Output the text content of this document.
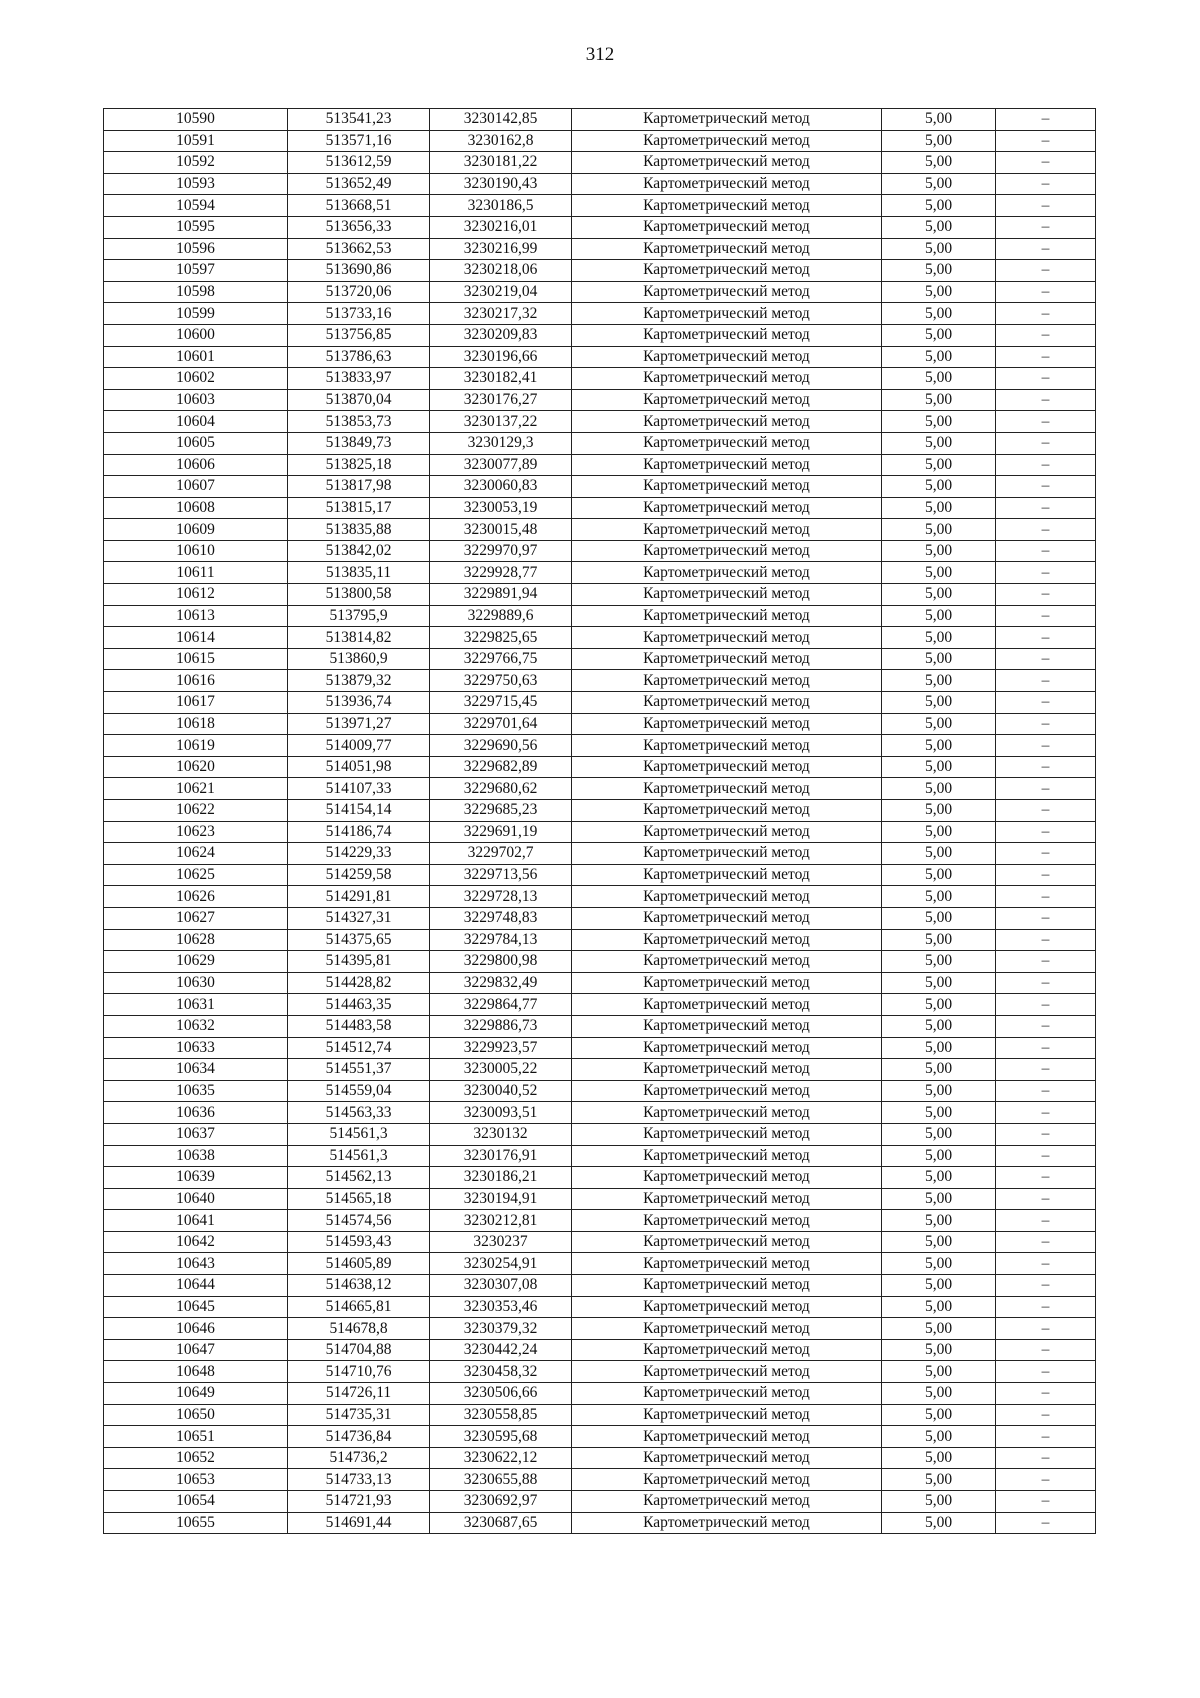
312
10590	513541,23	3230142,85	Картометрический метод	5,00	–
10591	513571,16	3230162,8	Картометрический метод	5,00	–
10592	513612,59	3230181,22	Картометрический метод	5,00	–
10593	513652,49	3230190,43	Картометрический метод	5,00	–
10594	513668,51	3230186,5	Картометрический метод	5,00	–
10595	513656,33	3230216,01	Картометрический метод	5,00	–
10596	513662,53	3230216,99	Картометрический метод	5,00	–
10597	513690,86	3230218,06	Картометрический метод	5,00	–
10598	513720,06	3230219,04	Картометрический метод	5,00	–
10599	513733,16	3230217,32	Картометрический метод	5,00	–
10600	513756,85	3230209,83	Картометрический метод	5,00	–
10601	513786,63	3230196,66	Картометрический метод	5,00	–
10602	513833,97	3230182,41	Картометрический метод	5,00	–
10603	513870,04	3230176,27	Картометрический метод	5,00	–
10604	513853,73	3230137,22	Картометрический метод	5,00	–
10605	513849,73	3230129,3	Картометрический метод	5,00	–
10606	513825,18	3230077,89	Картометрический метод	5,00	–
10607	513817,98	3230060,83	Картометрический метод	5,00	–
10608	513815,17	3230053,19	Картометрический метод	5,00	–
10609	513835,88	3230015,48	Картометрический метод	5,00	–
10610	513842,02	3229970,97	Картометрический метод	5,00	–
10611	513835,11	3229928,77	Картометрический метод	5,00	–
10612	513800,58	3229891,94	Картометрический метод	5,00	–
10613	513795,9	3229889,6	Картометрический метод	5,00	–
10614	513814,82	3229825,65	Картометрический метод	5,00	–
10615	513860,9	3229766,75	Картометрический метод	5,00	–
10616	513879,32	3229750,63	Картометрический метод	5,00	–
10617	513936,74	3229715,45	Картометрический метод	5,00	–
10618	513971,27	3229701,64	Картометрический метод	5,00	–
10619	514009,77	3229690,56	Картометрический метод	5,00	–
10620	514051,98	3229682,89	Картометрический метод	5,00	–
10621	514107,33	3229680,62	Картометрический метод	5,00	–
10622	514154,14	3229685,23	Картометрический метод	5,00	–
10623	514186,74	3229691,19	Картометрический метод	5,00	–
10624	514229,33	3229702,7	Картометрический метод	5,00	–
10625	514259,58	3229713,56	Картометрический метод	5,00	–
10626	514291,81	3229728,13	Картометрический метод	5,00	–
10627	514327,31	3229748,83	Картометрический метод	5,00	–
10628	514375,65	3229784,13	Картометрический метод	5,00	–
10629	514395,81	3229800,98	Картометрический метод	5,00	–
10630	514428,82	3229832,49	Картометрический метод	5,00	–
10631	514463,35	3229864,77	Картометрический метод	5,00	–
10632	514483,58	3229886,73	Картометрический метод	5,00	–
10633	514512,74	3229923,57	Картометрический метод	5,00	–
10634	514551,37	3230005,22	Картометрический метод	5,00	–
10635	514559,04	3230040,52	Картометрический метод	5,00	–
10636	514563,33	3230093,51	Картометрический метод	5,00	–
10637	514561,3	3230132	Картометрический метод	5,00	–
10638	514561,3	3230176,91	Картометрический метод	5,00	–
10639	514562,13	3230186,21	Картометрический метод	5,00	–
10640	514565,18	3230194,91	Картометрический метод	5,00	–
10641	514574,56	3230212,81	Картометрический метод	5,00	–
10642	514593,43	3230237	Картометрический метод	5,00	–
10643	514605,89	3230254,91	Картометрический метод	5,00	–
10644	514638,12	3230307,08	Картометрический метод	5,00	–
10645	514665,81	3230353,46	Картометрический метод	5,00	–
10646	514678,8	3230379,32	Картометрический метод	5,00	–
10647	514704,88	3230442,24	Картометрический метод	5,00	–
10648	514710,76	3230458,32	Картометрический метод	5,00	–
10649	514726,11	3230506,66	Картометрический метод	5,00	–
10650	514735,31	3230558,85	Картометрический метод	5,00	–
10651	514736,84	3230595,68	Картометрический метод	5,00	–
10652	514736,2	3230622,12	Картометрический метод	5,00	–
10653	514733,13	3230655,88	Картометрический метод	5,00	–
10654	514721,93	3230692,97	Картометрический метод	5,00	–
10655	514691,44	3230687,65	Картометрический метод	5,00	–
